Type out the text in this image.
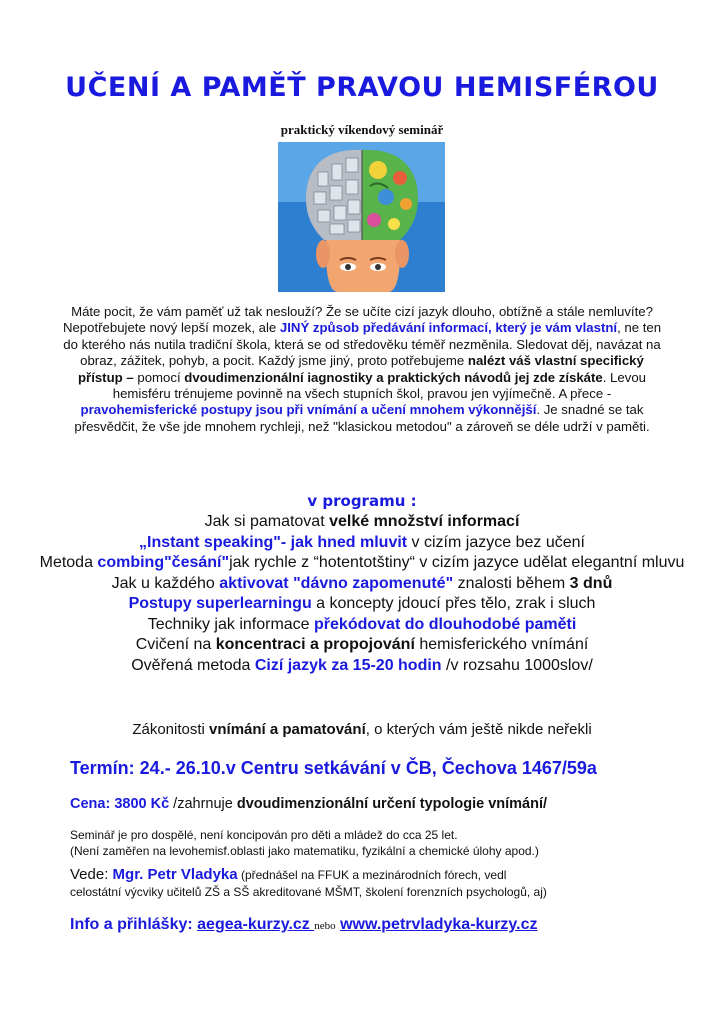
UČENÍ A PAMĚŤ PRAVOU HEMISFÉROU
praktický víkendový seminář
Máte pocit, že vám paměť už tak neslouží? Že se učíte cizí jazyk dlouho, obtížně a stále nemluvíte? Nepotřebujete nový lepší mozek, ale JINÝ způsob předávání informací, který je vám vlastní, ne ten do kterého nás nutila tradiční škola, která se od středověku téměř nezměnila. Sledovat děj, navázat na obraz, zážitek, pohyb, a pocit. Každý jsme jiný, proto potřebujeme nalézt váš vlastní specifický přístup – pomocí dvoudimenzionální iagnostiky a praktických návodů jej zde získáte. Levou hemisféru trénujeme povinně na všech stupních škol, pravou jen vyjímečně. A přece - pravohemisferické postupy jsou při vnímání a učení mnohem výkonnější. Je snadné se tak přesvědčit, že vše jde mnohem rychleji, než "klasickou metodou" a zároveň se déle udrží v paměti.
v programu :
Jak si pamatovat velké množství informací
„Instant speaking"- jak hned mluvit v cizím jazyce bez učení
Metoda combing"česání"jak rychle z “hotentotštiny“ v cizím jazyce udělat elegantní mluvu
Jak u každého aktivovat "dávno zapomenuté" znalosti během 3 dnů
Postupy superlearningu a koncepty jdoucí přes tělo, zrak i sluch
Techniky jak informace překódovat do dlouhodobé paměti
Cvičení na koncentraci a propojování hemisferického vnímání
Ověřená metoda Cizí jazyk za 15-20 hodin /v rozsahu 1000slov/
Zákonitosti vnímání a pamatování, o kterých vám ještě nikde neřekli
Termín: 24.- 26.10.v Centru setkávání v ČB, Čechova 1467/59a
Cena: 3800 Kč /zahrnuje dvoudimenzionální určení typologie vnímání/
Seminář je pro dospělé, není koncipován pro děti a mládež do cca 25 let.
(Není zaměřen na levohemisf.oblasti jako matematiku, fyzikální a chemické úlohy apod.)
Vede: Mgr. Petr Vladyka (přednášel na FFUK a mezinárodních fórech, vedl
celostátní výcviky učitelů ZŠ a SŠ akreditované MŠMT, školení forenzních psychologů, aj)
Info a přihlášky: aegea-kurzy.cz nebo www.petrvladyka-kurzy.cz
